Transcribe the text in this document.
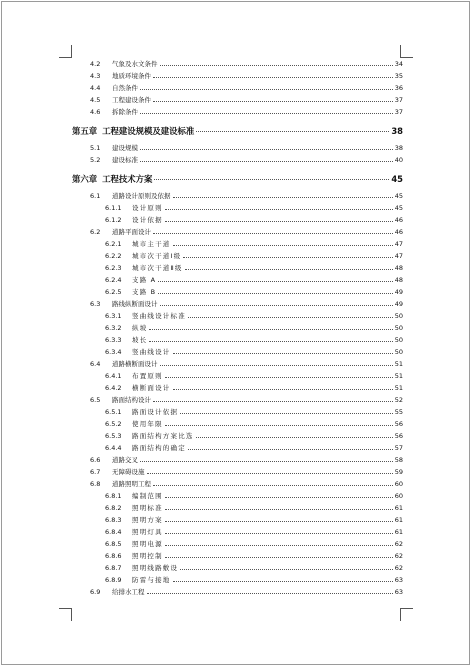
4.2	气象及水文条件	34
4.3	地质环境条件	35
4.4	自然条件	36
4.5	工程建设条件	37
4.6	拆除条件	37
第五章 工程建设规模及建设标准	38
5.1	建设规模	38
5.2	建设标准	40
第六章 工程技术方案	45
6.1	道路设计原则及依据	45
6.1.1 设计原则	45
6.1.2 设计依据	46
6.2	道路平面设计	46
6.2.1 城市主干道	47
6.2.2 城市次干道Ⅰ级	47
6.2.3 城市次干道Ⅱ级	48
6.2.4 支路 A	48
6.2.5 支路 B	49
6.3	路线纵断面设计	49
6.3.1 竖曲线设计标准	50
6.3.2 纵坡	50
6.3.3 坡长	50
6.3.4 竖曲线设计	50
6.4	道路横断面设计	51
6.4.1 布置原则	51
6.4.2 横断面设计	51
6.5	路面结构设计	52
6.5.1 路面设计依据	55
6.5.2 使用年限	56
6.5.3 路面结构方案比选	56
6.4.4 路面结构的确定	57
6.6	道路交叉	58
6.7	无障碍设施	59
6.8	道路照明工程	60
6.8.1 编制范围	60
6.8.2 照明标准	61
6.8.3 照明方案	61
6.8.4 照明灯具	61
6.8.5 照明电源	62
6.8.6 照明控制	62
6.8.7 照明线路敷设	62
6.8.9 防雷与接地	63
6.9	给排水工程	63
